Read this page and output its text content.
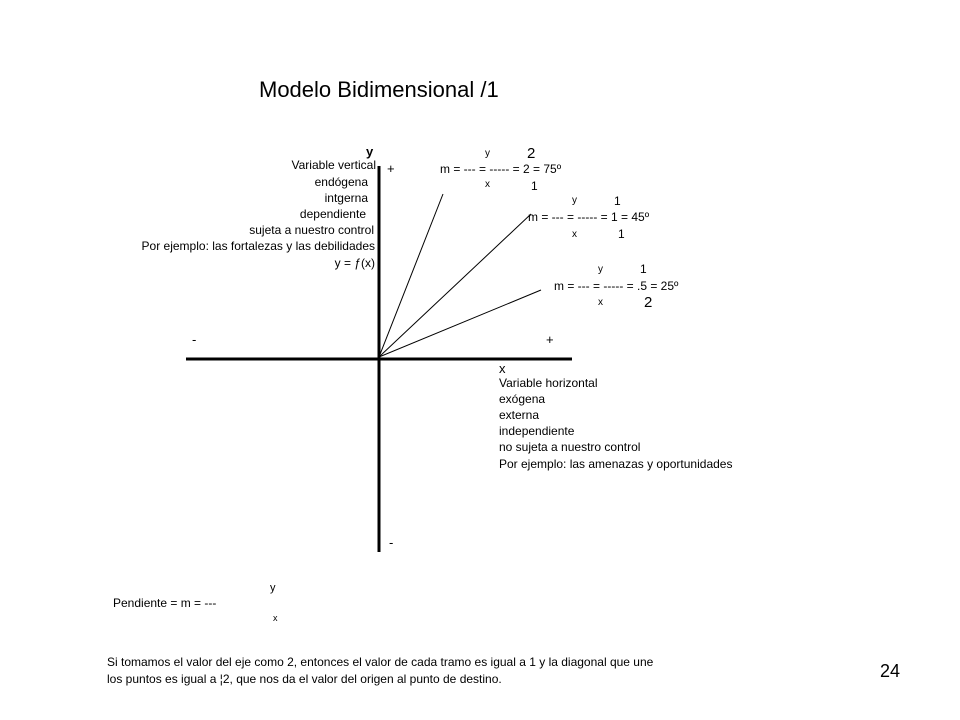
Modelo Bidimensional /1
y
Variable vertical
endógena
intgerna
dependiente
sujeta a nuestro control
Por ejemplo: las fortalezas y las debilidades
y = ƒ(x)
+
-
-	+
x
Variable horizontal
exógena
externa
independiente
no sujeta a nuestro control
Por ejemplo: las amenazas y oportunidades
y 2
m = --- = ----- = 2 = 75º
x	1
y	1
m = --- = ----- = 1 = 45º
x	1
y	1
m = --- = ----- = .5 = 25º
x	2
y
Pendiente = m = ---
x
Si tomamos el valor del eje como 2, entonces el valor de cada tramo es igual a 1 y la diagonal que une
los puntos es igual a ¦2, que nos da el valor del origen al punto de destino.	24
